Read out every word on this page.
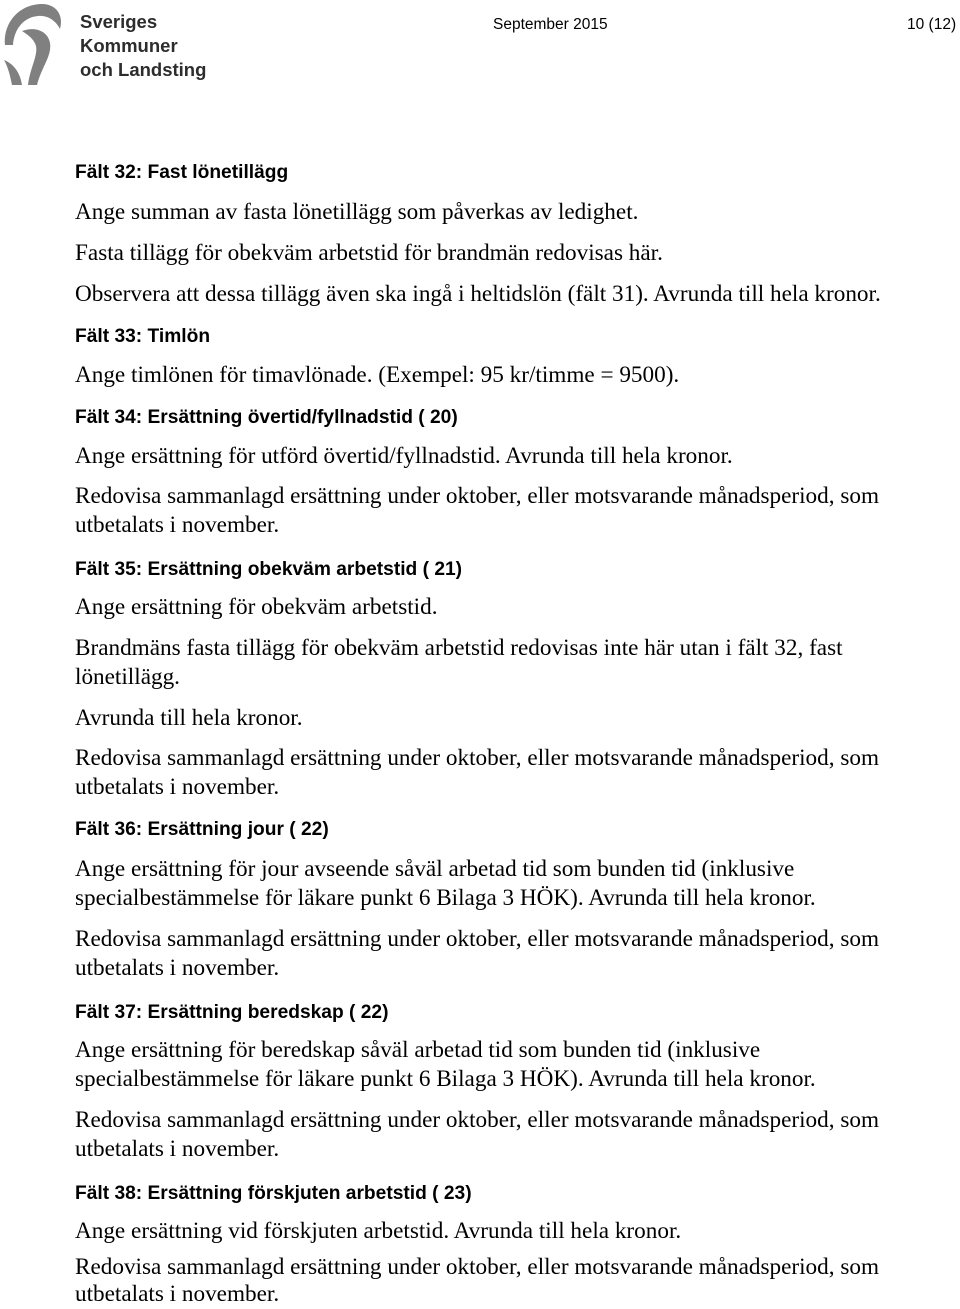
Sveriges
Kommuner
och Landsting
September 2015	10 (12)
Fält 32: Fast lönetillägg

Ange summan av fasta lönetillägg som påverkas av ledighet.

Fasta tillägg för obekväm arbetstid för brandmän redovisas här.

Observera att dessa tillägg även ska ingå i heltidslön (fält 31). Avrunda till hela kronor.

Fält 33: Timlön

Ange timlönen för timavlönade. (Exempel: 95 kr/timme = 9500).

Fält 34: Ersättning övertid/fyllnadstid ( 20)

Ange ersättning för utförd övertid/fyllnadstid. Avrunda till hela kronor.

Redovisa sammanlagd ersättning under oktober, eller motsvarande månadsperiod, som utbetalats i november.

Fält 35: Ersättning obekväm arbetstid ( 21)

Ange ersättning för obekväm arbetstid.

Brandmäns fasta tillägg för obekväm arbetstid redovisas inte här utan i fält 32, fast lönetillägg.

Avrunda till hela kronor.

Redovisa sammanlagd ersättning under oktober, eller motsvarande månadsperiod, som utbetalats i november.

Fält 36: Ersättning jour ( 22)

Ange ersättning för jour avseende såväl arbetad tid som bunden tid (inklusive specialbestämmelse för läkare punkt 6 Bilaga 3 HÖK). Avrunda till hela kronor.

Redovisa sammanlagd ersättning under oktober, eller motsvarande månadsperiod, som utbetalats i november.

Fält 37: Ersättning beredskap ( 22)

Ange ersättning för beredskap såväl arbetad tid som bunden tid (inklusive specialbestämmelse för läkare punkt 6 Bilaga 3 HÖK). Avrunda till hela kronor.

Redovisa sammanlagd ersättning under oktober, eller motsvarande månadsperiod, som utbetalats i november.

Fält 38: Ersättning förskjuten arbetstid ( 23)

Ange ersättning vid förskjuten arbetstid. Avrunda till hela kronor.

Redovisa sammanlagd ersättning under oktober, eller motsvarande månadsperiod, som utbetalats i november.
